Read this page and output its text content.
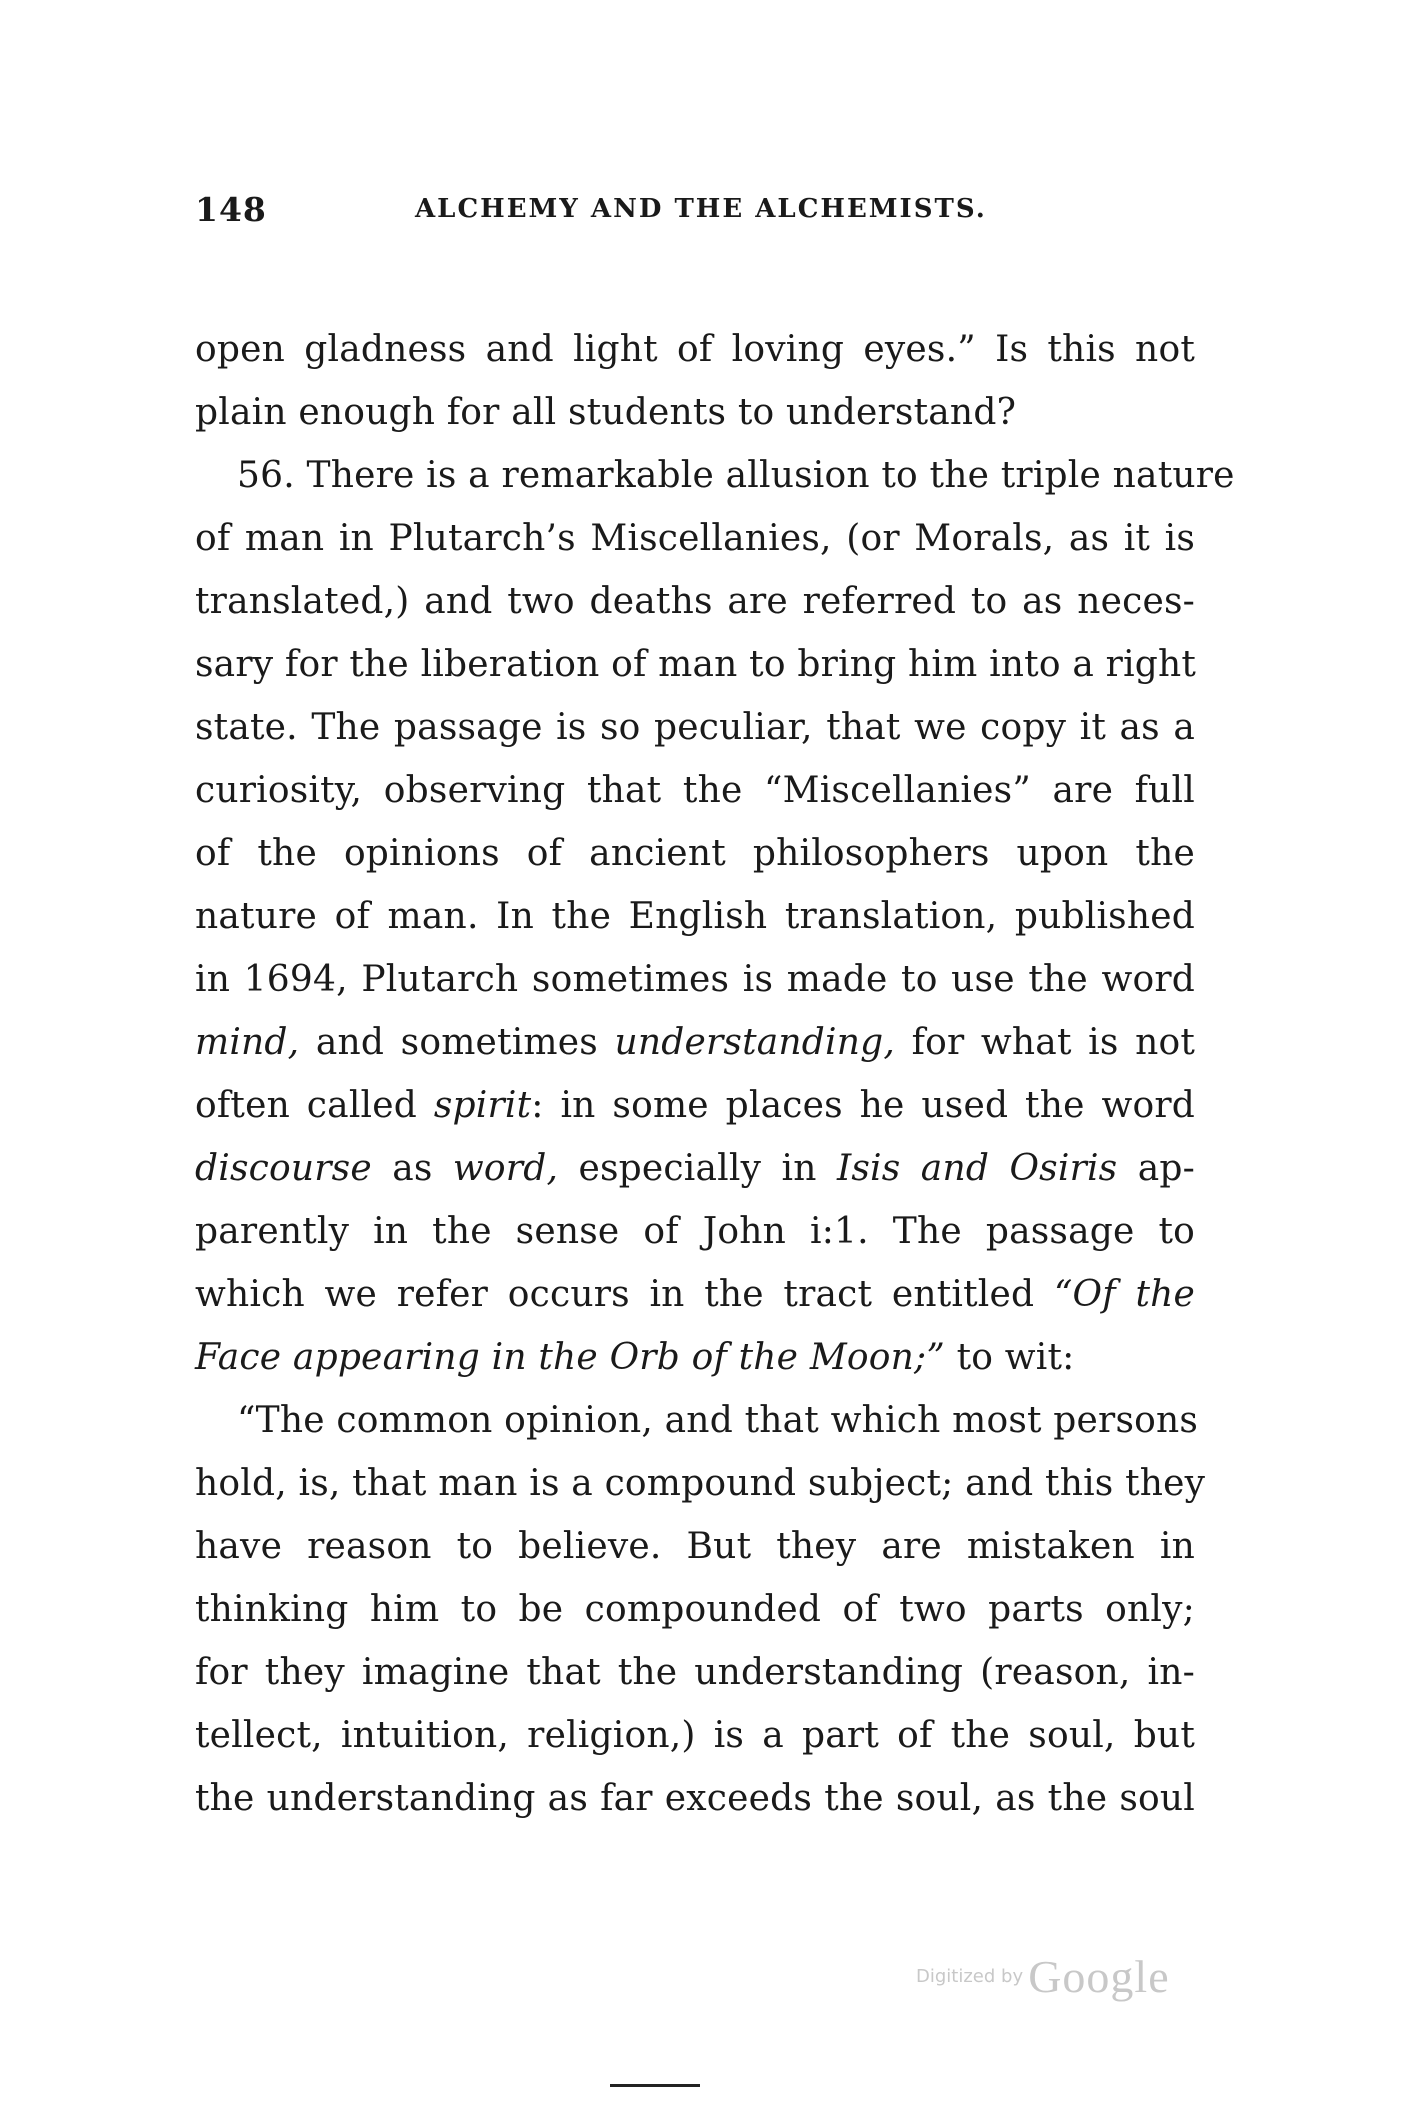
148	ALCHEMY AND THE ALCHEMISTS.
open gladness and light of loving eyes.” Is this not
plain enough for all students to understand?
56. There is a remarkable allusion to the triple nature
of man in Plutarch’s Miscellanies, (or Morals, as it is
translated,) and two deaths are referred to as neces-
sary for the liberation of man to bring him into a right
state. The passage is so peculiar, that we copy it as a
curiosity, observing that the “Miscellanies” are full
of the opinions of ancient philosophers upon the
nature of man. In the English translation, published
in 1694, Plutarch sometimes is made to use the word
mind, and sometimes understanding, for what is not
often called spirit: in some places he used the word
discourse as word, especially in Isis and Osiris ap-
parently in the sense of John i:1. The passage to
which we refer occurs in the tract entitled “Of the
Face appearing in the Orb of the Moon;” to wit:
“The common opinion, and that which most persons
hold, is, that man is a compound subject; and this they
have reason to believe. But they are mistaken in
thinking him to be compounded of two parts only;
for they imagine that the understanding (reason, in-
tellect, intuition, religion,) is a part of the soul, but
the understanding as far exceeds the soul, as the soul
Digitized by Google
